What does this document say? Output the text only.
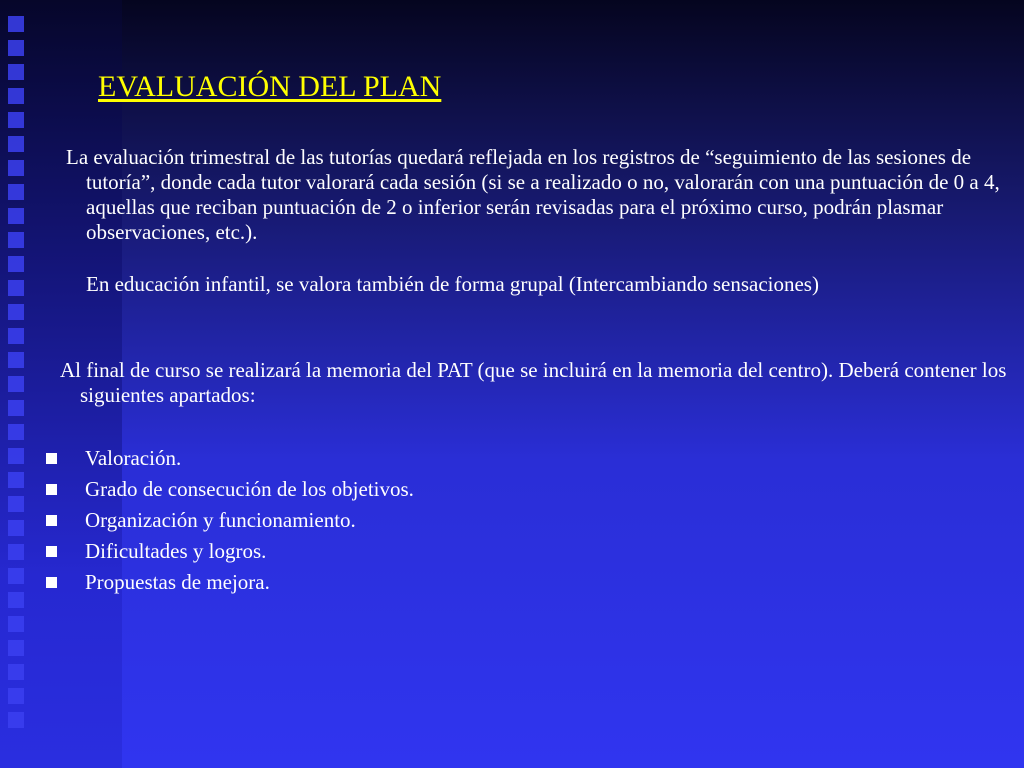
EVALUACIÓN DEL PLAN

La evaluación trimestral de las tutorías quedará reflejada en los registros de “seguimiento de las sesiones de tutoría”, donde cada tutor valorará cada sesión (si se a realizado o no, valorarán con una puntuación de 0 a 4, aquellas que reciban puntuación de 2 o inferior serán revisadas para el próximo curso, podrán plasmar observaciones, etc.).

En educación infantil, se valora también de forma grupal (Intercambiando sensaciones)

Al final de curso se realizará la memoria del PAT (que se incluirá en la memoria del centro). Deberá contener los siguientes apartados:

Valoración.
Grado de consecución de los objetivos.
Organización y funcionamiento.
Dificultades y logros.
Propuestas de mejora.
